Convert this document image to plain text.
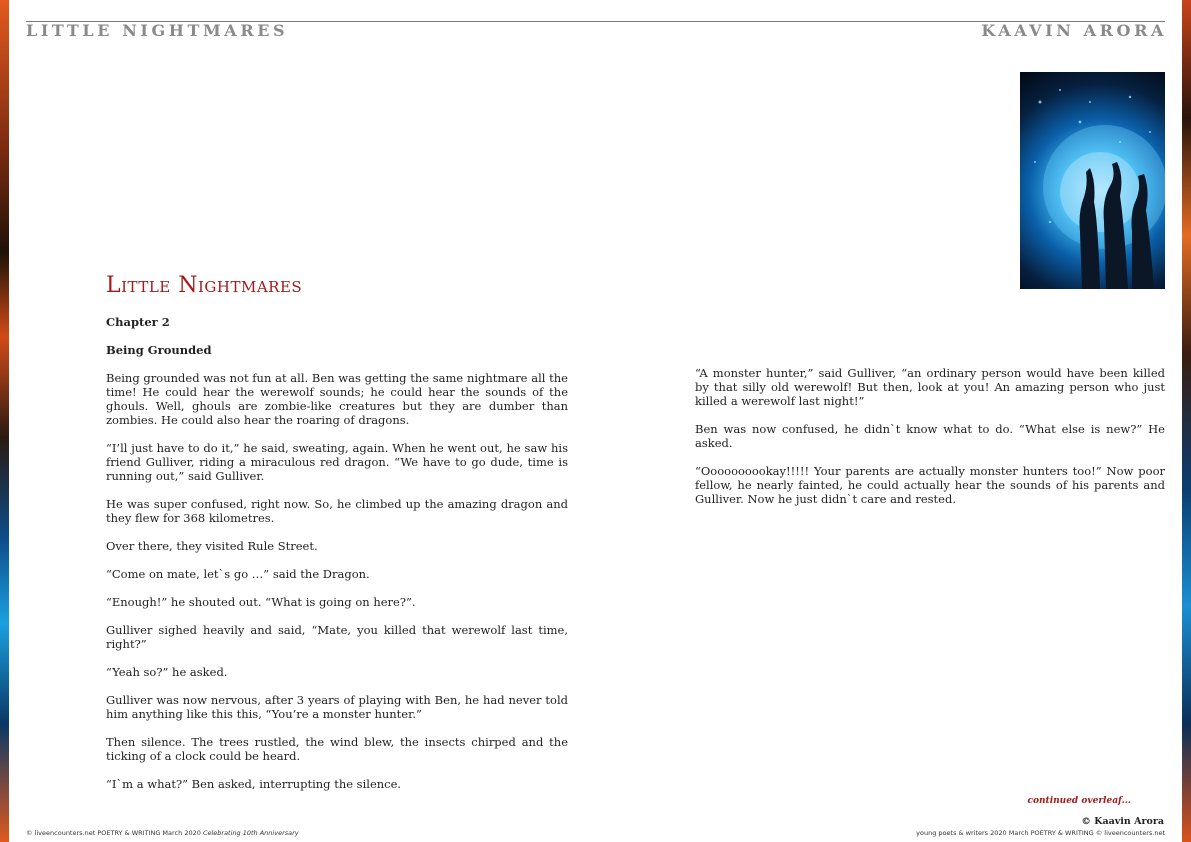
LITTLE NIGHTMARES	KAAVIN ARORA
Little Nightmares

Chapter 2

Being Grounded

Being grounded was not fun at all. Ben was getting the same nightmare all the time! He could hear the werewolf sounds; he could hear the sounds of the ghouls. Well, ghouls are zombie-like creatures but they are dumber than zombies. He could also hear the roaring of dragons.

“I’ll just have to do it,” he said, sweating, again. When he went out, he saw his friend Gulliver, riding a miraculous red dragon. “We have to go dude, time is running out,” said Gulliver.

He was super confused, right now. So, he climbed up the amazing dragon and they flew for 368 kilometres.

Over there, they visited Rule Street.

“Come on mate, let`s go …” said the Dragon.

“Enough!” he shouted out. “What is going on here?”.

Gulliver sighed heavily and said, “Mate, you killed that werewolf last time, right?”

“Yeah so?” he asked.

Gulliver was now nervous, after 3 years of playing with Ben, he had never told him anything like this this, “You’re a monster hunter.”

Then silence. The trees rustled, the wind blew, the insects chirped and the ticking of a clock could be heard.

“I`m a what?” Ben asked, interrupting the silence.

“A monster hunter,” said Gulliver, “an ordinary person would have been killed by that silly old werewolf! But then, look at you! An amazing person who just killed a werewolf last night!”

Ben was now confused, he didn`t know what to do. “What else is new?” He asked.

“Oooooooookay!!!!! Your parents are actually monster hunters too!” Now poor fellow, he nearly fainted, he could actually hear the sounds of his parents and Gulliver. Now he just didn`t care and rested.

continued overleaf...
© Kaavin Arora
© liveencounters.net POETRY & WRITING March 2020 Celebrating 10th Anniversary	young poets & writers 2020 March POETRY & WRITING © liveencounters.net
